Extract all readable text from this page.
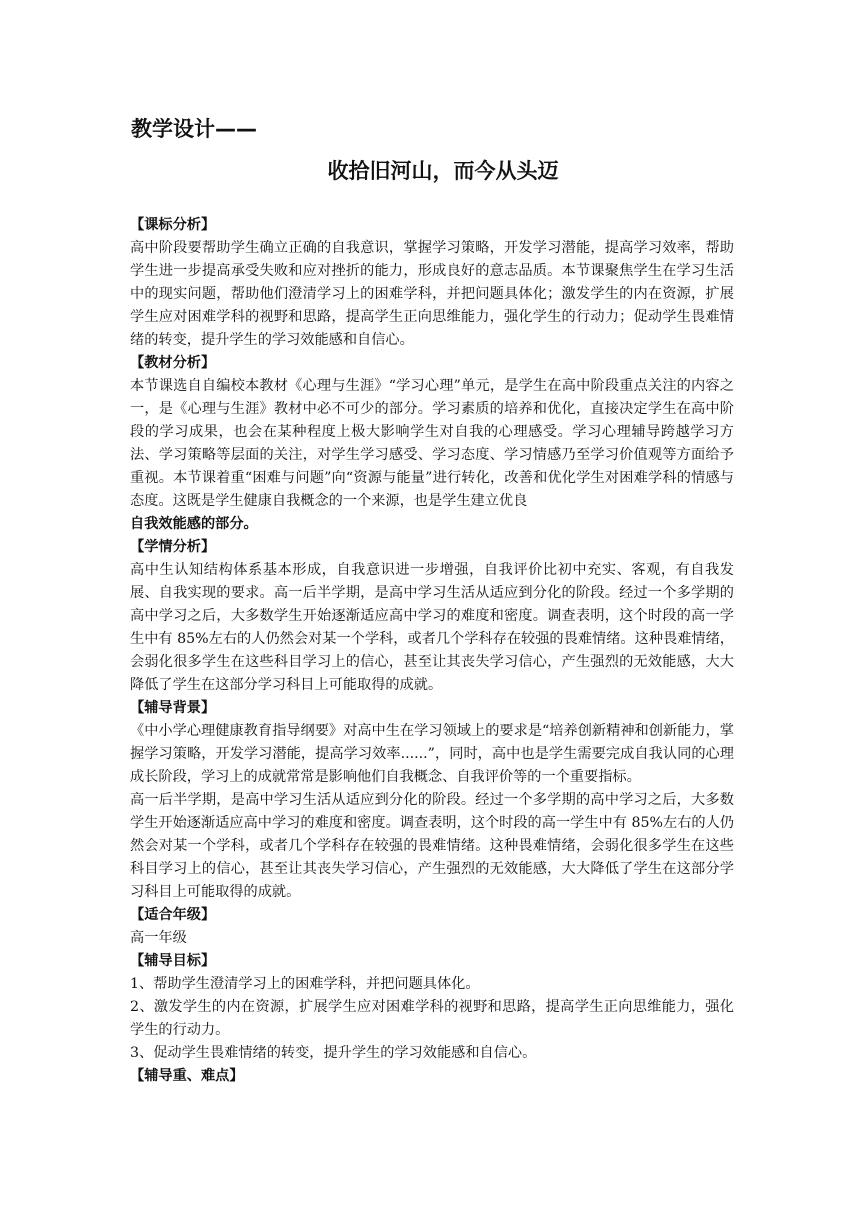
教学设计——
收拾旧河山，而今从头迈
【课标分析】

高中阶段要帮助学生确立正确的自我意识，掌握学习策略，开发学习潜能，提高学习效率，帮助学生进一步提高承受失败和应对挫折的能力，形成良好的意志品质。本节课聚焦学生在学习生活中的现实问题，帮助他们澄清学习上的困难学科，并把问题具体化；激发学生的内在资源，扩展学生应对困难学科的视野和思路，提高学生正向思维能力，强化学生的行动力；促动学生畏难情绪的转变，提升学生的学习效能感和自信心。

【教材分析】

本节课选自自编校本教材《心理与生涯》“学习心理”单元，是学生在高中阶段重点关注的内容之一，是《心理与生涯》教材中必不可少的部分。学习素质的培养和优化，直接决定学生在高中阶段的学习成果，也会在某种程度上极大影响学生对自我的心理感受。学习心理辅导跨越学习方法、学习策略等层面的关注，对学生学习感受、学习态度、学习情感乃至学习价值观等方面给予重视。本节课着重“困难与问题”向“资源与能量”进行转化，改善和优化学生对困难学科的情感与态度。这既是学生健康自我概念的一个来源，也是学生建立优良
自我效能感的部分。

【学情分析】

高中生认知结构体系基本形成，自我意识进一步增强，自我评价比初中充实、客观，有自我发展、自我实现的要求。高一后半学期，是高中学习生活从适应到分化的阶段。经过一个多学期的高中学习之后，大多数学生开始逐渐适应高中学习的难度和密度。调查表明，这个时段的高一学生中有 85%左右的人仍然会对某一个学科，或者几个学科存在较强的畏难情绪。这种畏难情绪，会弱化很多学生在这些科目学习上的信心，甚至让其丧失学习信心，产生强烈的无效能感，大大降低了学生在这部分学习科目上可能取得的成就。

【辅导背景】

《中小学心理健康教育指导纲要》对高中生在学习领域上的要求是“培养创新精神和创新能力，掌握学习策略，开发学习潜能，提高学习效率......”，同时，高中也是学生需要完成自我认同的心理成长阶段，学习上的成就常常是影响他们自我概念、自我评价等的一个重要指标。

高一后半学期，是高中学习生活从适应到分化的阶段。经过一个多学期的高中学习之后，大多数学生开始逐渐适应高中学习的难度和密度。调查表明，这个时段的高一学生中有 85%左右的人仍然会对某一个学科，或者几个学科存在较强的畏难情绪。这种畏难情绪，会弱化很多学生在这些科目学习上的信心，甚至让其丧失学习信心，产生强烈的无效能感，大大降低了学生在这部分学习科目上可能取得的成就。

【适合年级】

高一年级

【辅导目标】

1、帮助学生澄清学习上的困难学科，并把问题具体化。

2、激发学生的内在资源，扩展学生应对困难学科的视野和思路，提高学生正向思维能力，强化学生的行动力。

3、促动学生畏难情绪的转变，提升学生的学习效能感和自信心。

【辅导重、难点】
